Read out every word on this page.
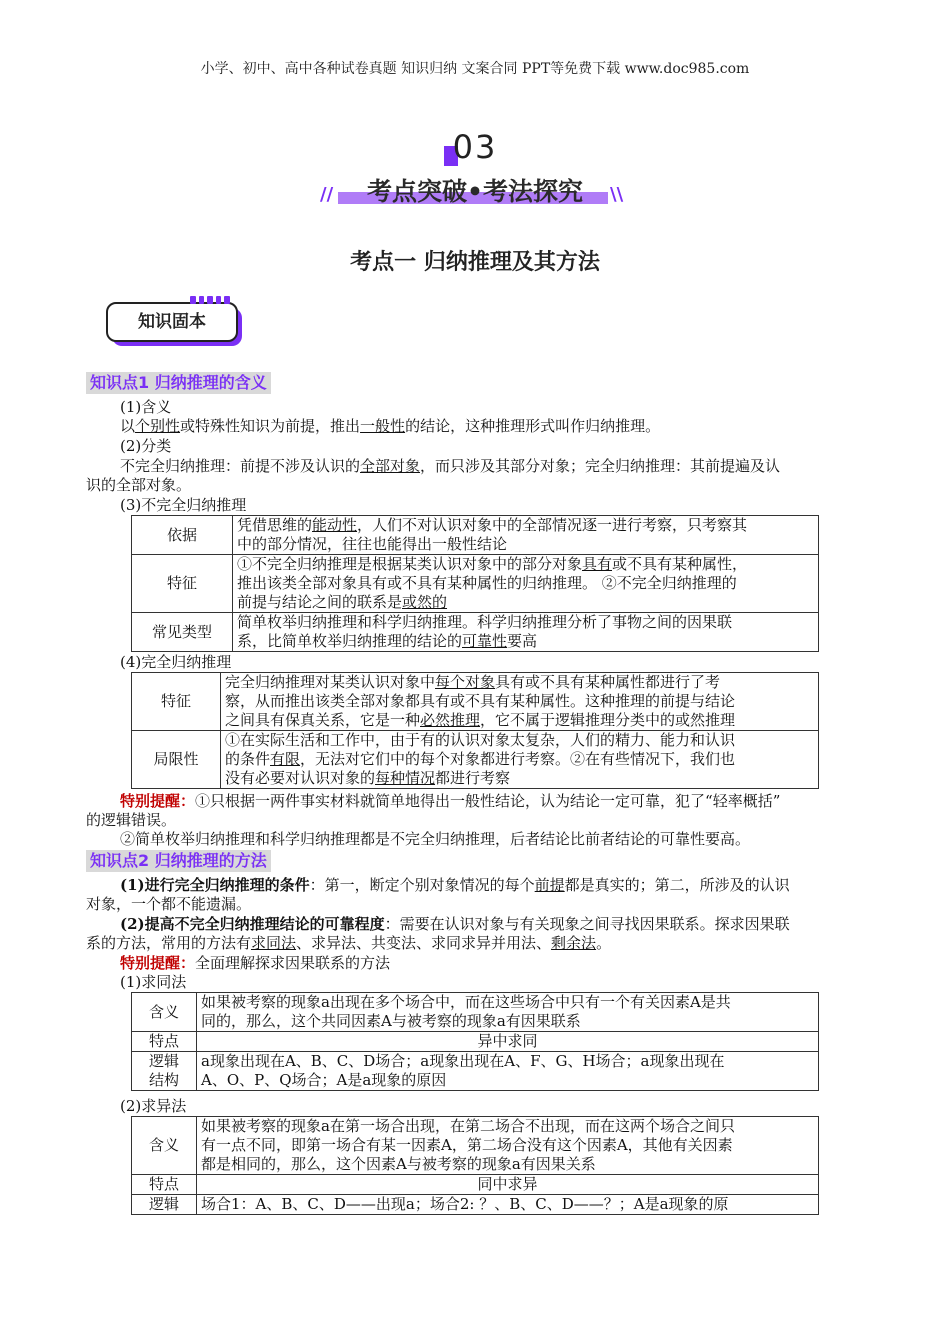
小学、初中、高中各种试卷真题 知识归纳 文案合同 PPT等免费下载 www.doc985.com
03
//	考点突破•考法探究	\\
考点一 归纳推理及其方法
知识固本
知识点1 归纳推理的含义
(1)含义
以个别性或特殊性知识为前提，推出一般性的结论，这种推理形式叫作归纳推理。
(2)分类
不完全归纳推理：前提不涉及认识的全部对象，而只涉及其部分对象；完全归纳推理：其前提遍及认
识的全部对象。
(3)不完全归纳推理
依据	凭借思维的能动性，人们不对认识对象中的全部情况逐一进行考察，只考察其
中的部分情况，往往也能得出一般性结论
特征	①不完全归纳推理是根据某类认识对象中的部分对象具有或不具有某种属性，
推出该类全部对象具有或不具有某种属性的归纳推理。 ②不完全归纳推理的
前提与结论之间的联系是或然的
常见类型	简单枚举归纳推理和科学归纳推理。科学归纳推理分析了事物之间的因果联
系，比简单枚举归纳推理的结论的可靠性要高
(4)完全归纳推理
特征	完全归纳推理对某类认识对象中每个对象具有或不具有某种属性都进行了考
察，从而推出该类全部对象都具有或不具有某种属性。这种推理的前提与结论
之间具有保真关系，它是一种必然推理，它不属于逻辑推理分类中的或然推理
局限性	①在实际生活和工作中，由于有的认识对象太复杂，人们的精力、能力和认识
的条件有限，无法对它们中的每个对象都进行考察。②在有些情况下，我们也
没有必要对认识对象的每种情况都进行考察
特别提醒：①只根据一两件事实材料就简单地得出一般性结论，认为结论一定可靠，犯了“轻率概括”
的逻辑错误。
②简单枚举归纳推理和科学归纳推理都是不完全归纳推理，后者结论比前者结论的可靠性要高。
知识点2 归纳推理的方法
(1)进行完全归纳推理的条件：第一，断定个别对象情况的每个前提都是真实的；第二，所涉及的认识
对象，一个都不能遗漏。
(2)提高不完全归纳推理结论的可靠程度：需要在认识对象与有关现象之间寻找因果联系。探求因果联
系的方法，常用的方法有求同法、求异法、共变法、求同求异并用法、剩余法。
特别提醒：全面理解探求因果联系的方法
(1)求同法
含义	如果被考察的现象a出现在多个场合中，而在这些场合中只有一个有关因素A是共
同的，那么，这个共同因素A与被考察的现象a有因果联系
特点	异中求同
逻辑
结构	a现象出现在A、B、C、D场合；a现象出现在A、F、G、H场合；a现象出现在
A、O、P、Q场合；A是a现象的原因
(2)求异法
含义	如果被考察的现象a在第一场合出现，在第二场合不出现，而在这两个场合之间只
有一点不同，即第一场合有某一因素A，第二场合没有这个因素A，其他有关因素
都是相同的，那么，这个因素A与被考察的现象a有因果关系
特点	同中求异
逻辑	场合1：A、B、C、D——出现a；场合2: ？、B、C、D——？；A是a现象的原
